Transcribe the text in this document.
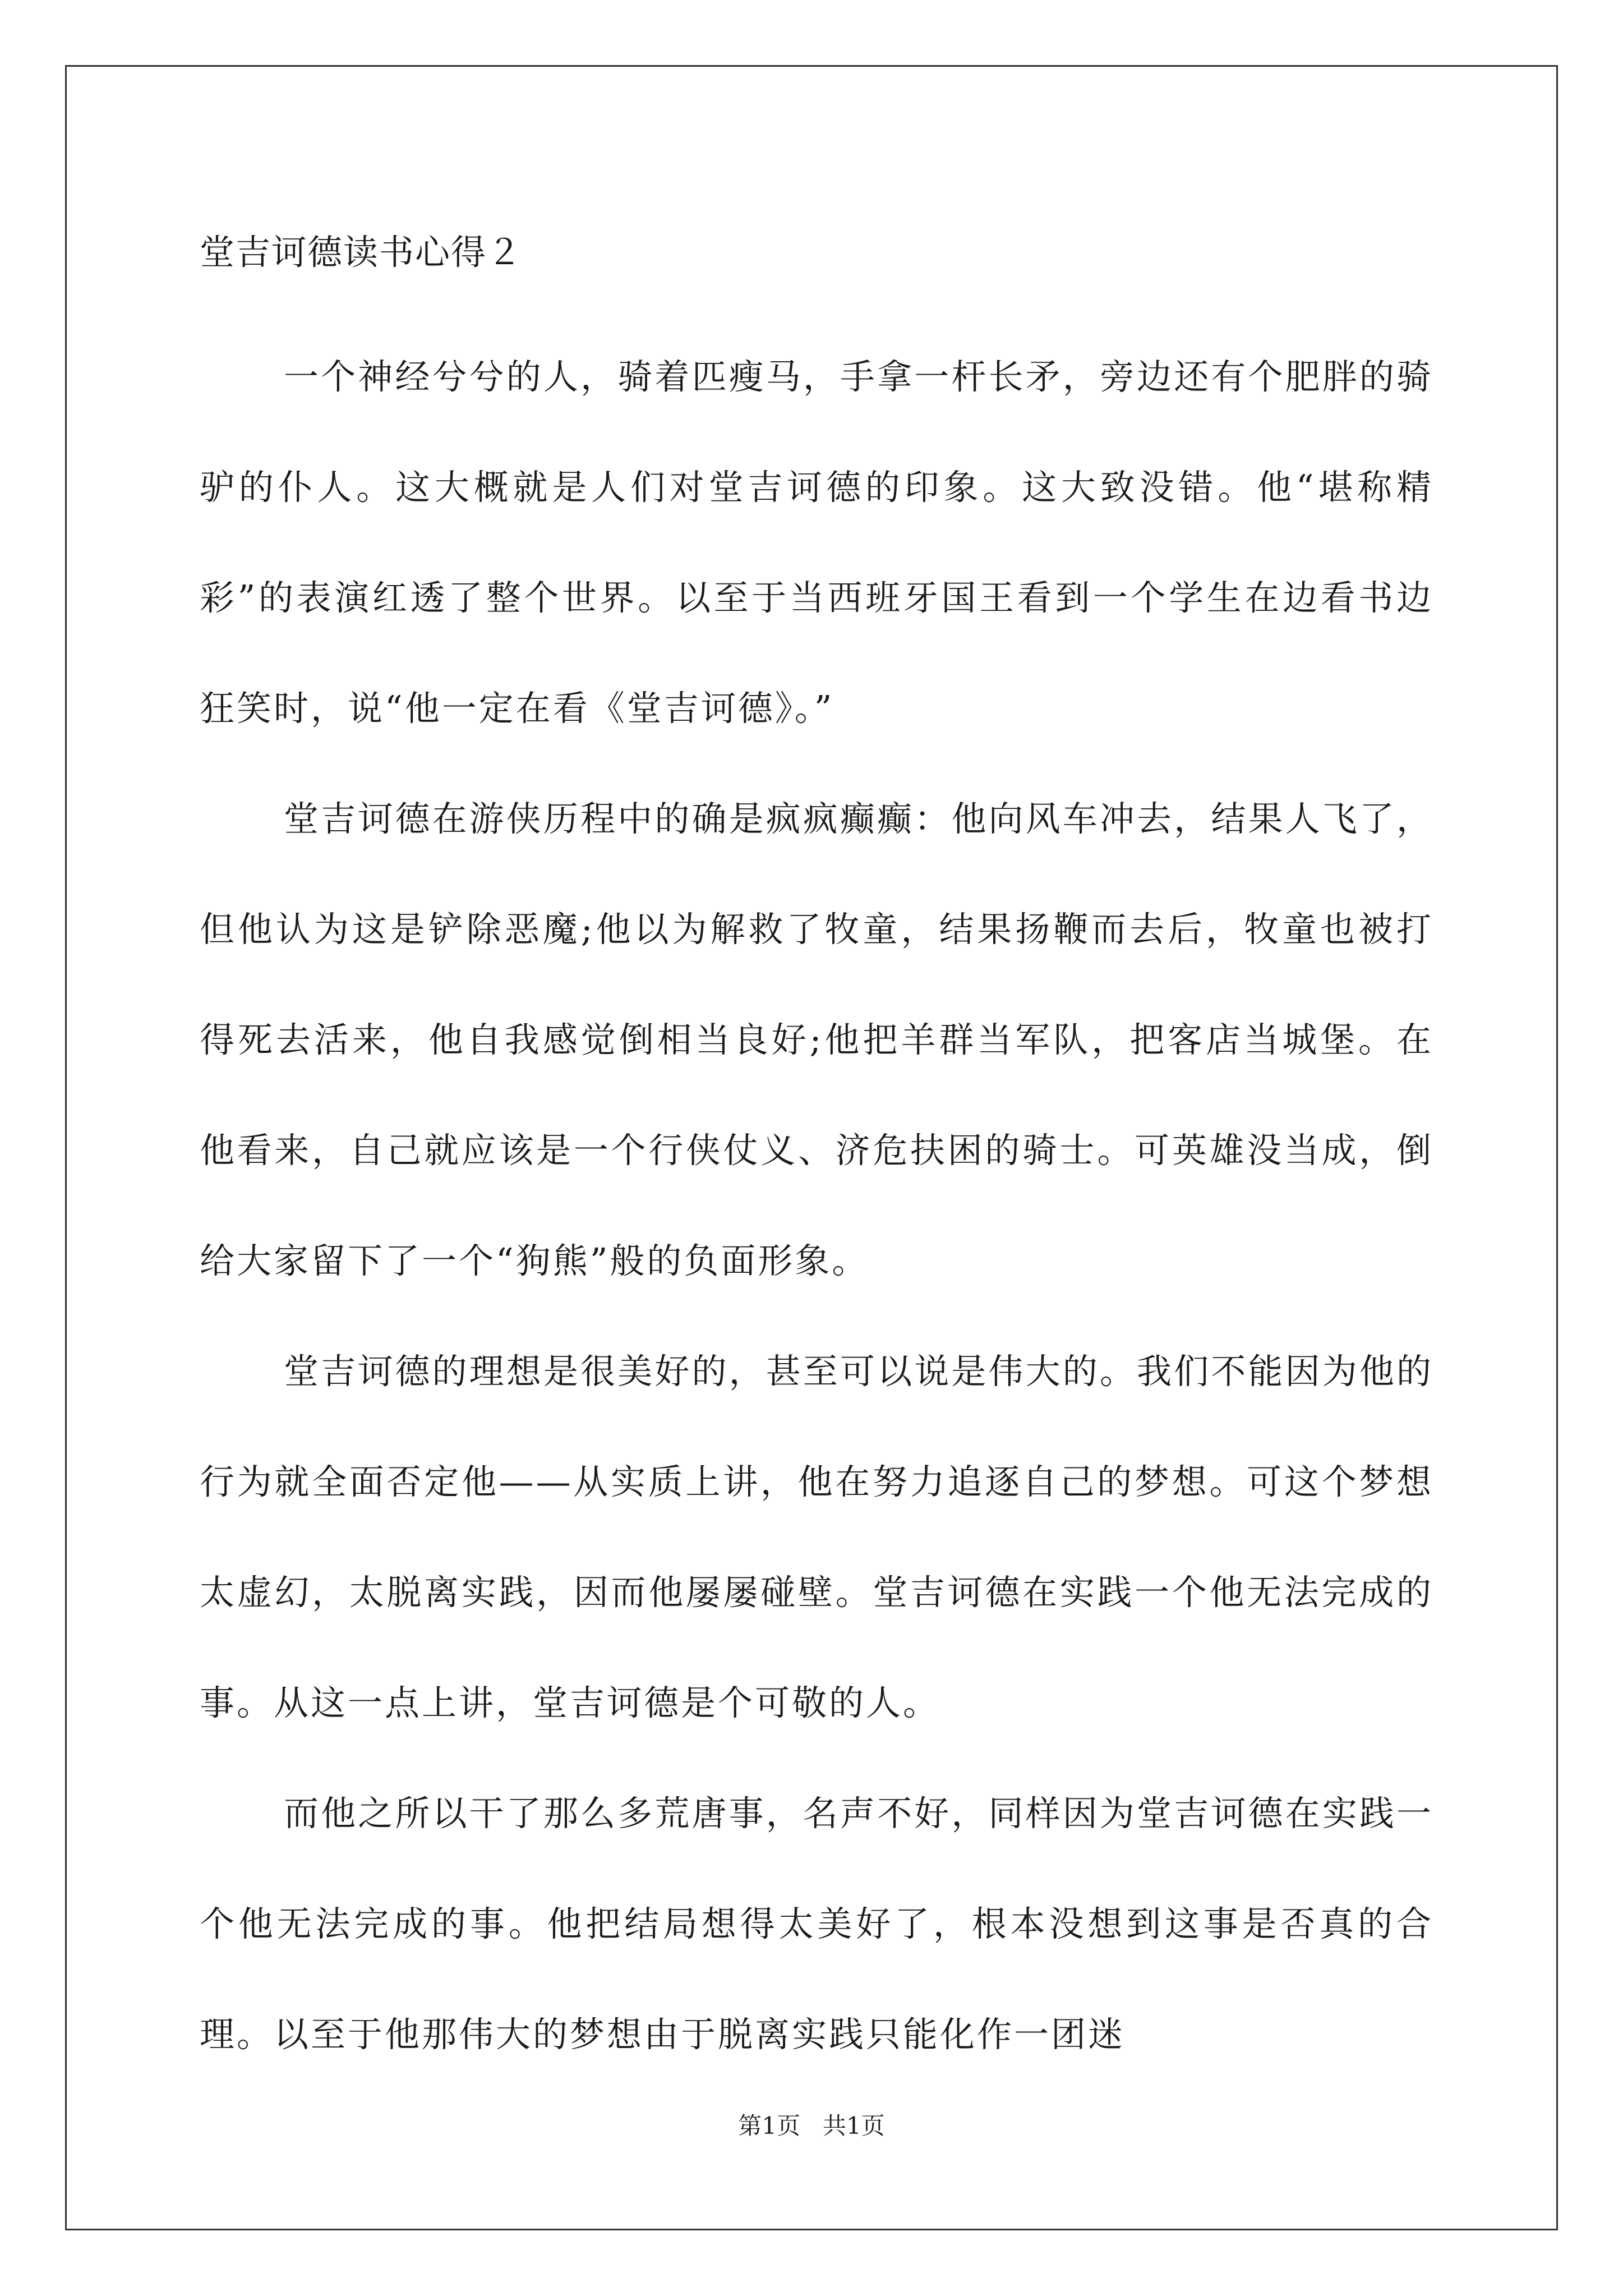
堂吉诃德读书心得２

一个神经兮兮的人，骑着匹瘦马，手拿一杆长矛，旁边还有个肥胖的骑驴的仆人。这大概就是人们对堂吉诃德的印象。这大致没错。他“堪称精彩”的表演红透了整个世界。以至于当西班牙国王看到一个学生在边看书边狂笑时，说“他一定在看《堂吉诃德》。”

堂吉诃德在游侠历程中的确是疯疯癫癫：他向风车冲去，结果人飞了，但他认为这是铲除恶魔;他以为解救了牧童，结果扬鞭而去后，牧童也被打得死去活来，他自我感觉倒相当良好;他把羊群当军队，把客店当城堡。在他看来，自己就应该是一个行侠仗义、济危扶困的骑士。可英雄没当成，倒给大家留下了一个“狗熊”般的负面形象。

堂吉诃德的理想是很美好的，甚至可以说是伟大的。我们不能因为他的行为就全面否定他——从实质上讲，他在努力追逐自己的梦想。可这个梦想太虚幻，太脱离实践，因而他屡屡碰壁。堂吉诃德在实践一个他无法完成的事。从这一点上讲，堂吉诃德是个可敬的人。

而他之所以干了那么多荒唐事，名声不好，同样因为堂吉诃德在实践一个他无法完成的事。他把结局想得太美好了，根本没想到这事是否真的合理。以至于他那伟大的梦想由于脱离实践只能化作一团迷

第1页   共1页
